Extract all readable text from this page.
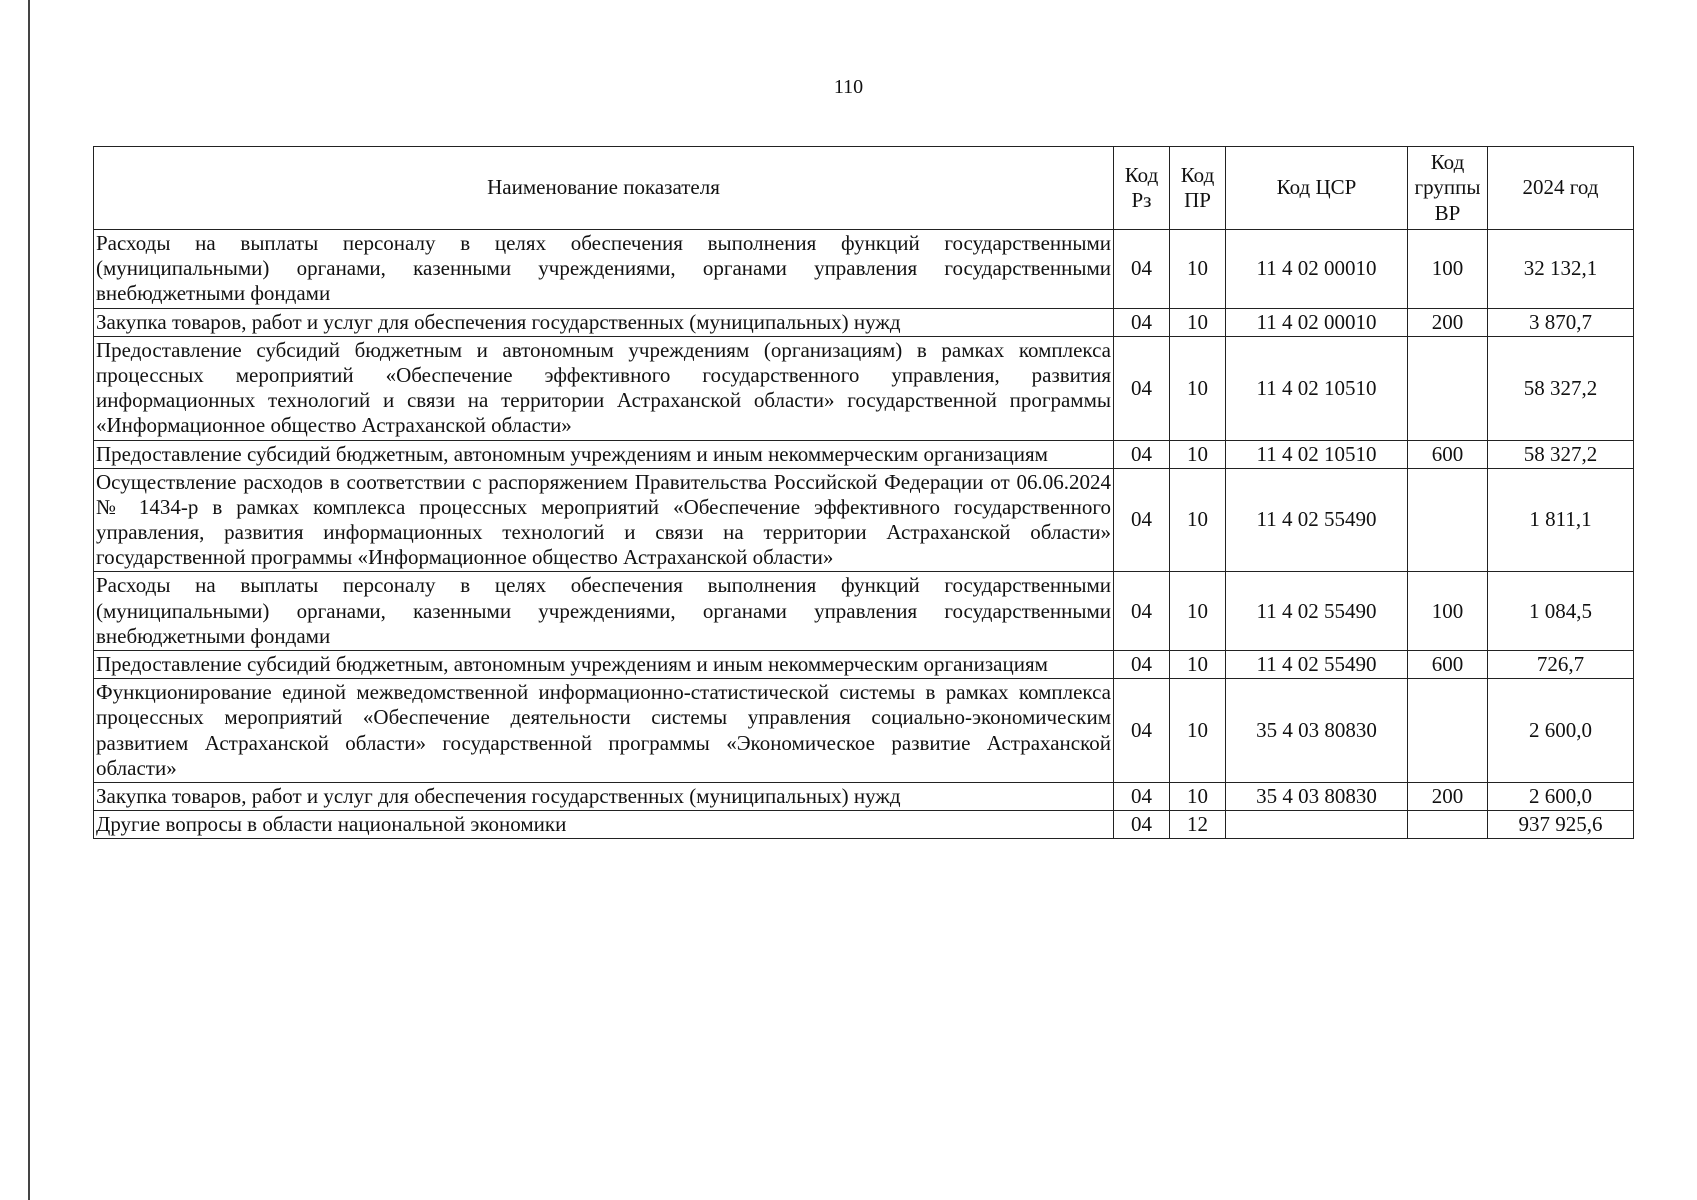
110
Наименование показателя	Код Рз	Код ПР	Код ЦСР	Код группы ВР	2024 год
Расходы на выплаты персоналу в целях обеспечения выполнения функций государственными (муниципальными) органами, казенными учреждениями, органами управления государственными внебюджетными фондами	04	10	11 4 02 00010	100	32 132,1
Закупка товаров, работ и услуг для обеспечения государственных (муниципальных) нужд	04	10	11 4 02 00010	200	3 870,7
Предоставление субсидий бюджетным и автономным учреждениям (организациям) в рамках комплекса процессных мероприятий «Обеспечение эффективного государственного управления, развития информационных технологий и связи на территории Астраханской области» государственной программы «Информационное общество Астраханской области»	04	10	11 4 02 10510		58 327,2
Предоставление субсидий бюджетным, автономным учреждениям и иным некоммерческим организациям	04	10	11 4 02 10510	600	58 327,2
Осуществление расходов в соответствии с распоряжением Правительства Российской Федерации от 06.06.2024 № 1434-р в рамках комплекса процессных мероприятий «Обеспечение эффективного государственного управления, развития информационных технологий и связи на территории Астраханской области» государственной программы «Информационное общество Астраханской области»	04	10	11 4 02 55490		1 811,1
Расходы на выплаты персоналу в целях обеспечения выполнения функций государственными (муниципальными) органами, казенными учреждениями, органами управления государственными внебюджетными фондами	04	10	11 4 02 55490	100	1 084,5
Предоставление субсидий бюджетным, автономным учреждениям и иным некоммерческим организациям	04	10	11 4 02 55490	600	726,7
Функционирование единой межведомственной информационно-статистической системы в рамках комплекса процессных мероприятий «Обеспечение деятельности системы управления социально-экономическим развитием Астраханской области» государственной программы «Экономическое развитие Астраханской области»	04	10	35 4 03 80830		2 600,0
Закупка товаров, работ и услуг для обеспечения государственных (муниципальных) нужд	04	10	35 4 03 80830	200	2 600,0
Другие вопросы в области национальной экономики	04	12			937 925,6
